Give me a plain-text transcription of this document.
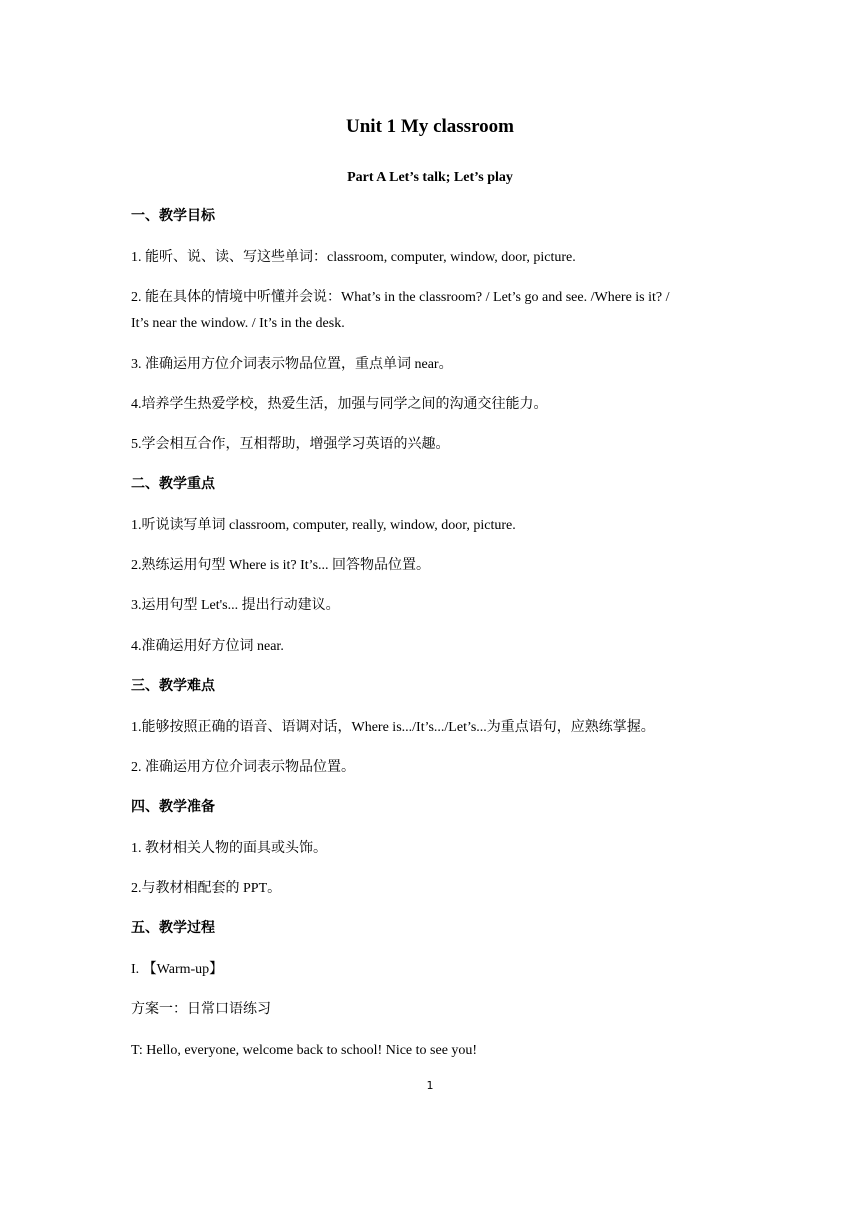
Unit 1 My classroom
Part A Let’s talk; Let’s play
一、教学目标
1. 能听、说、读、写这些单词：classroom, computer, window, door, picture.
2. 能在具体的情境中听懂并会说：What’s in the classroom? / Let’s go and see. /Where is it? /
It’s near the window. / It’s in the desk.
3. 准确运用方位介词表示物品位置，重点单词 near。
4.培养学生热爱学校，热爱生活，加强与同学之间的沟通交往能力。
5.学会相互合作，互相帮助，增强学习英语的兴趣。
二、教学重点
1.听说读写单词 classroom, computer, really, window, door, picture.
2.熟练运用句型 Where is it? It’s... 回答物品位置。
3.运用句型 Let's... 提出行动建议。
4.准确运用好方位词 near.
三、教学难点
1.能够按照正确的语音、语调对话，Where is.../It’s.../Let’s...为重点语句，应熟练掌握。
2. 准确运用方位介词表示物品位置。
四、教学准备
1. 教材相关人物的面具或头饰。
2.与教材相配套的 PPT。
五、教学过程
I. 【Warm-up】
方案一：日常口语练习
T: Hello, everyone, welcome back to school! Nice to see you!
1
